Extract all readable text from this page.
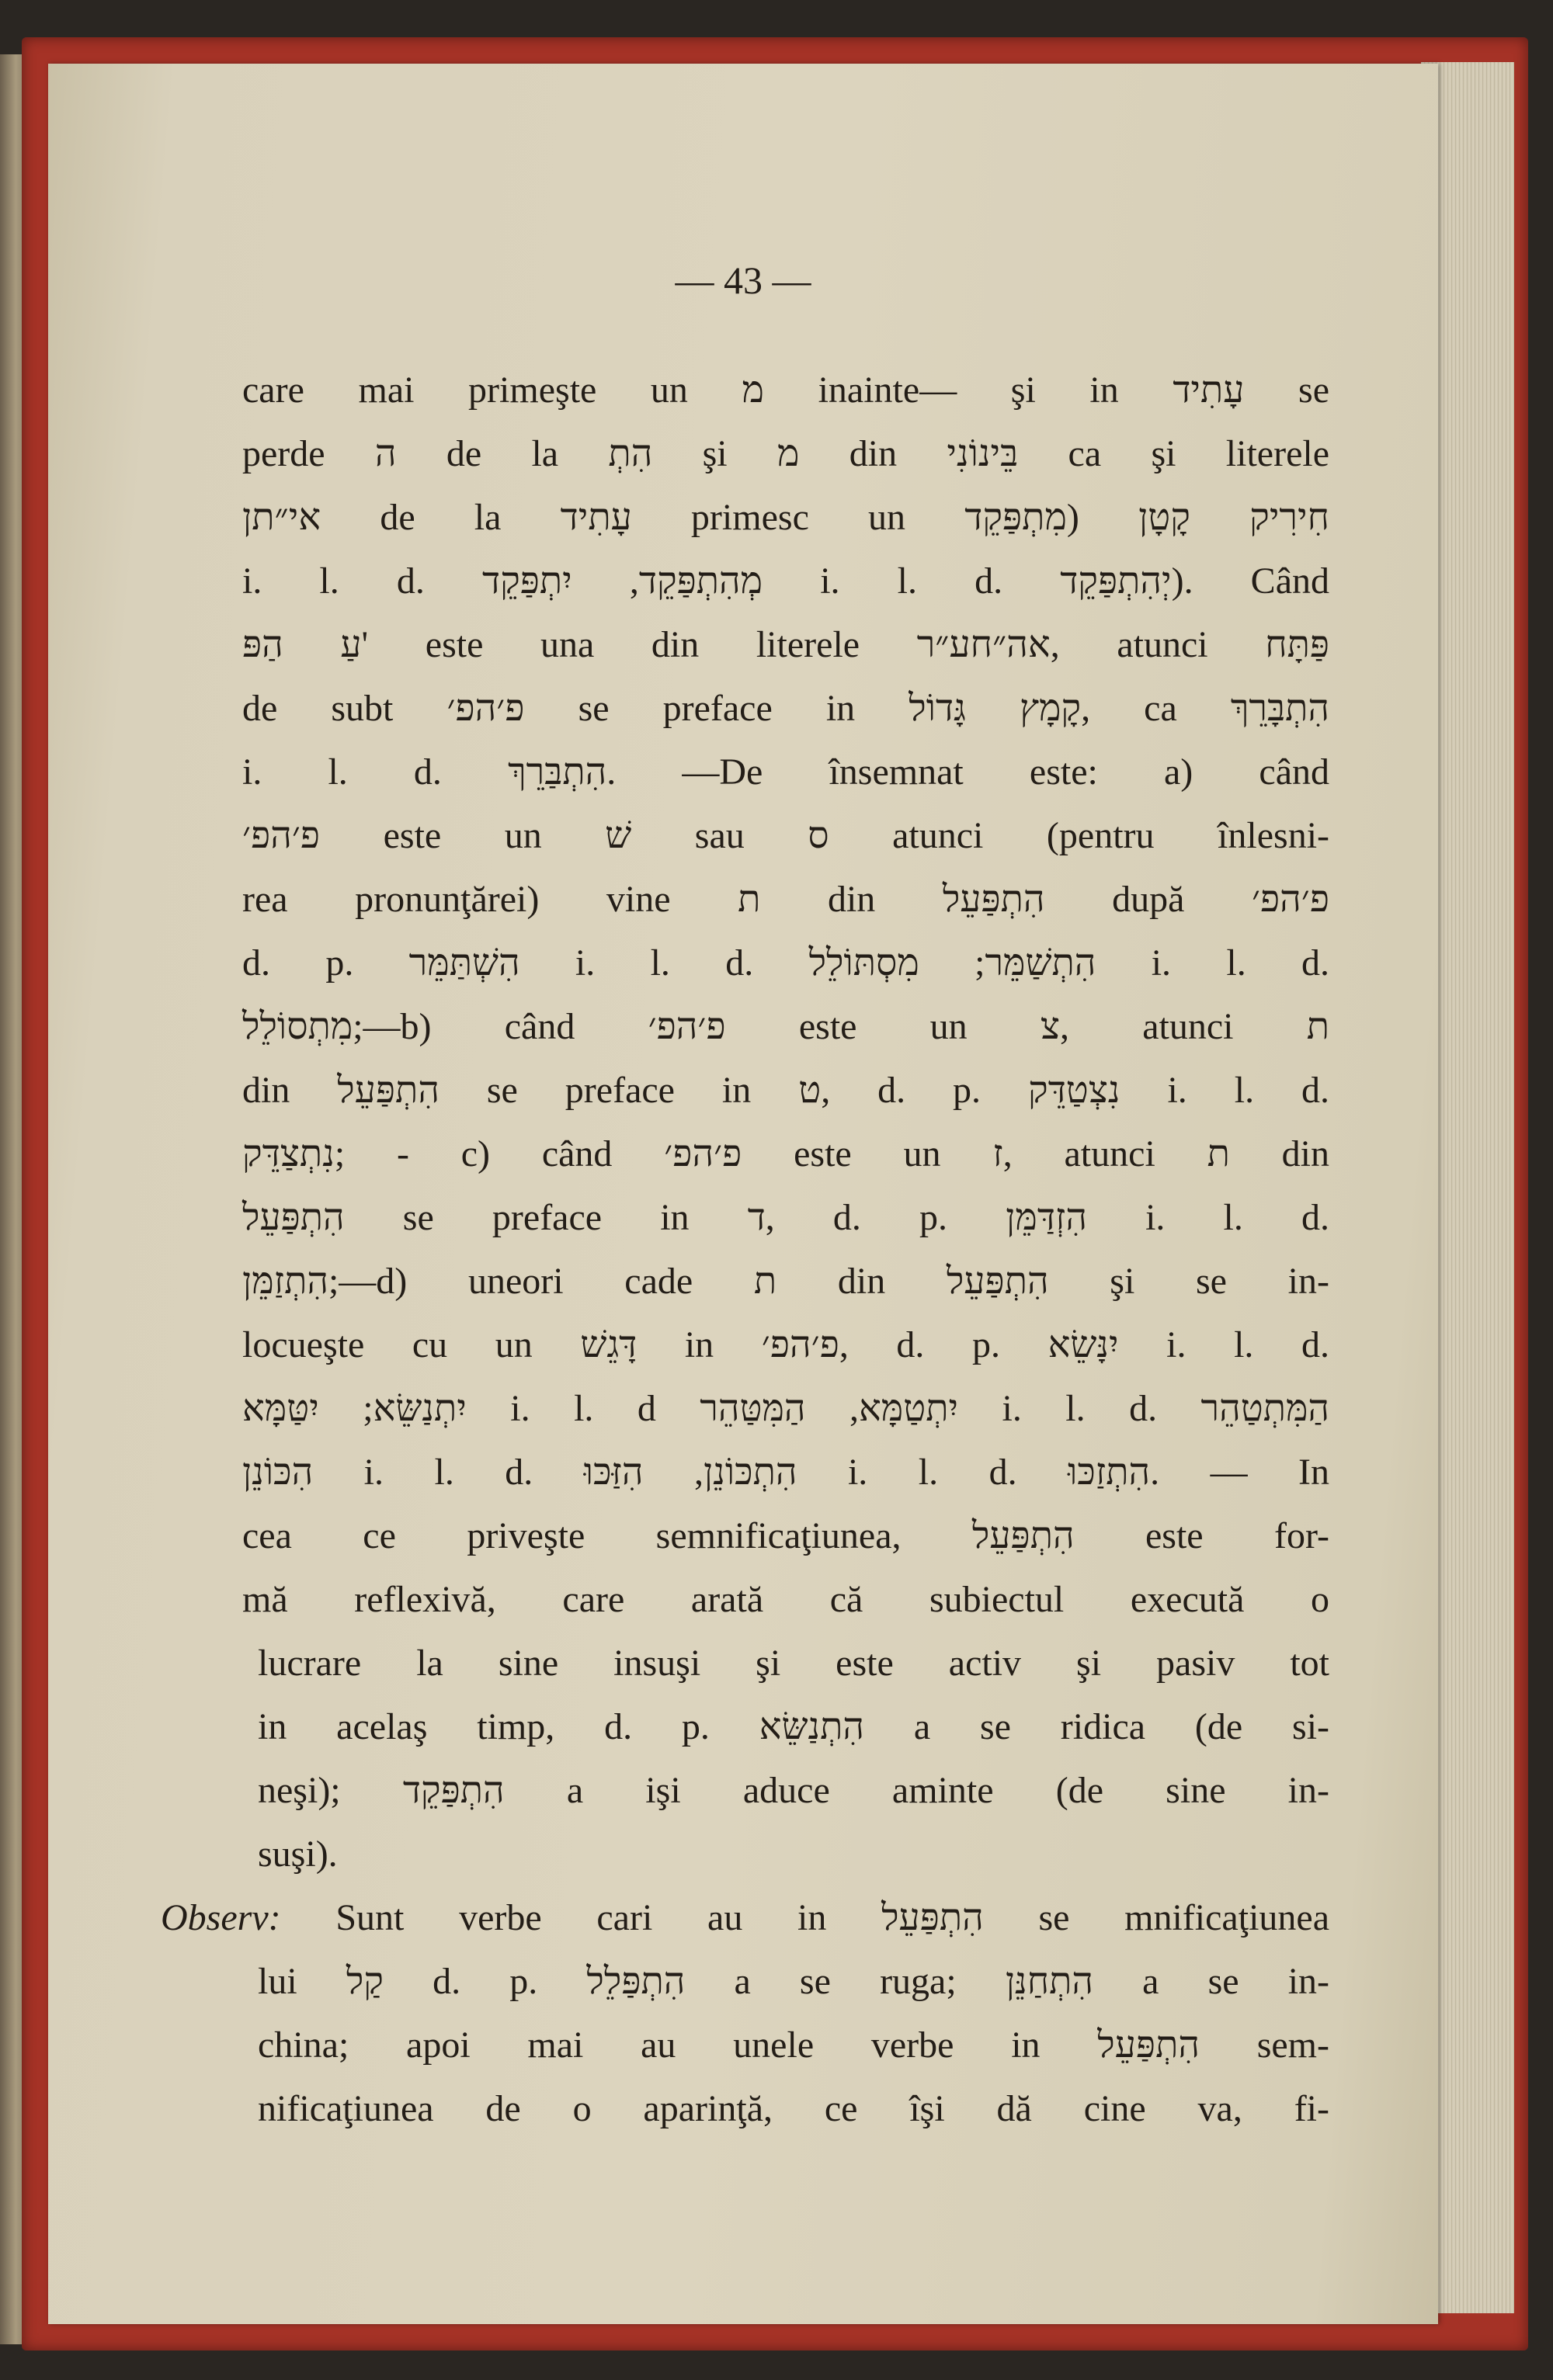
— 43 —
care mai primeşte un מ inainte— şi in עָתִיד se
perde ה de la הִתְ şi מ din בֵּינוֹנִי ca şi literele
אי״תן de la עָתִיד primesc un חִירִיק קָטָן (מִתְפַּקֵד
i. l. d. מְהִתְפַּקֵד, יִתְפַּקֵד i. l. d. יְהִתְפַּקֵד). Când
עַ הַפּ' este una din literele אה״חע״ר, atunci פַּתָּח
de subt פ׳הפ׳ se preface in קָמָץ גָּדוֹל, ca הִתְבָּרֵךְ
i. l. d. הִתְבַּרֵךְ. —De însemnat este: a) când
פ׳הפ׳ este un שׁ sau ס atunci (pentru înlesni-
rea pronunţărei) vine ת din הִתְפַּעֵל după פ׳הפ׳
d. p. הִשְׁתַּמֵּר i. l. d. הִתְשַׁמֵּר; מִסְתּוֹלֵל i. l. d.
מִתְסוֹלֵל;—b) când פ׳הפ׳ este un צ, atunci ת
din הִתְפַּעֵל se preface in ט, d. p. נִצְטַדֵּק i. l. d.
נִתְצַדֵּק; - c) când פ׳הפ׳ este un ז, atunci ת din
הִתְפַּעֵל se preface in ד, d. p. הִזְדַּמֵּן i. l. d.
הִתְזַמֵּן;—d) uneori cade ת din הִתְפַּעֵל şi se in-
locueşte cu un דָּגֵשׁ in פ׳הפ׳, d. p. יִנָּשֵׂא i. l. d.
יִתְנַשֵּׂא; יִטַּמָּא i. l. d יִתְטַמָּא, הַמִּטַּהֵר i. l. d. הַמִּתְטַהֵר
הִכּוֹנֵן i. l. d. הִתְכּוֹנֵן, הִזַּכּוּ i. l. d. הִתְזַכּוּ. — In
cea ce priveşte semnificaţiunea, הִתְפַּעֵל este for-
mă reflexivă, care arată că subiectul execută o
lucrare la sine insuşi şi este activ şi pasiv tot
in acelaş timp, d. p. הִתְנַשֵּׂא a se ridica (de si-
neşi); הִתְפַּקֵד a işi aduce aminte (de sine in-
suşi).
Observ: Sunt verbe cari au in הִתְפַּעֵל se mnificaţiunea
lui קַל d. p. הִתְפַּלֵל a se ruga; הִתְחַנֵּן a se in-
china; apoi mai au unele verbe in הִתְפַּעֵל sem-
nificaţiunea de o aparinţă, ce îşi dă cine va, fi-
